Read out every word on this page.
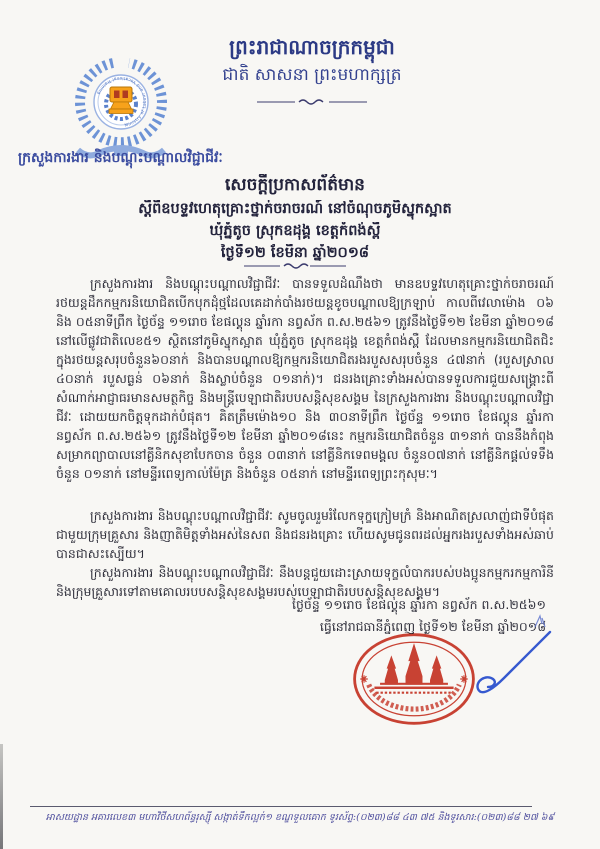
Ministry of Labour and Vocational Training
ព្រះរាជាណាចក្រកម្ពុជា
ជាតិ សាសនា ព្រះមហាក្សត្រ
ក្រសួងការងារ និងបណ្តុះបណ្តាលវិជ្ជាជីវៈ
សេចក្តីប្រកាសព័ត៌មាន
ស្តីពីឧបទ្ទវហេតុគ្រោះថ្នាក់ចរាចរណ៍ នៅចំណុចភូមិស្នុកស្អាត
ឃុំភ្នំតូច ស្រុកឧដុង្គ ខេត្តកំពង់ស្ពឺ
ថ្ងៃទី១២ ខែមីនា ឆ្នាំ២០១៨
ក្រសួងការងារ និងបណ្តុះបណ្តាលវិជ្ជាជីវៈ បានទទួលដំណឹងថា មានឧបទ្ទវហេតុគ្រោះថ្នាក់ចរាចរណ៍ រថយន្តដឹកកម្មករនិយោជិតបើកបុកដុំថ្មដែលគេដាក់បាំងរថយន្តខូចបណ្តាលឱ្យក្រឡាប់ កាលពីវេលាម៉ោង ០៦ និង ០៥នាទីព្រឹក ថ្ងៃច័ន្ទ ១១រោច ខែផល្គុន ឆ្នាំរកា នព្វស័ក ព.ស.២៥៦១ ត្រូវនឹងថ្ងៃទី១២ ខែមីនា ឆ្នាំ២០១៨ នៅលើផ្លូវជាតិលេខ៥១ ស្ថិតនៅភូមិស្នុកស្អាត ឃុំភ្នំតូច ស្រុកឧដុង្គ ខេត្តកំពង់ស្ពឺ ដែលមានកម្មករនិយោជិតជិះក្នុងរថយន្តសរុបចំនួន៦០នាក់ និងបានបណ្តាលឱ្យកម្មករនិយោជិតរងរបួសសរុបចំនួន ៤៧នាក់ (របួសស្រាល ៤០នាក់ របួសធ្ងន់ ០៦នាក់ និងស្លាប់ចំនួន ០១នាក់)។ ជនរងគ្រោះទាំងអស់បានទទួលការជួយសង្គ្រោះពីសំណាក់អាជ្ញាធរមានសមត្ថកិច្ច និងមន្ត្រីបេឡាជាតិរបបសន្តិសុខសង្គម នៃក្រសួងការងារ និងបណ្តុះបណ្តាលវិជ្ជាជីវៈ ដោយយកចិត្តទុកដាក់បំផុត។ គិតត្រឹមម៉ោង១០ និង ៣០នាទីព្រឹក ថ្ងៃច័ន្ទ ១១រោច ខែផល្គុន ឆ្នាំរកា នព្វស័ក ព.ស.២៥៦១ ត្រូវនឹងថ្ងៃទី១២ ខែមីនា ឆ្នាំ២០១៨នេះ កម្មករនិយោជិតចំនួន ៣១នាក់ បាននឹងកំពុងសម្រាកព្យាបាលនៅគ្លីនិកសុខាបែកចាន ចំនួន ០៣នាក់ នៅគ្លីនិកទេពមង្គល ចំនួន០៧នាក់ នៅគ្លីនិកផ្គល់ទទឹង ចំនួន ០១នាក់ នៅមន្ទីរពេទ្យកាល់ម៉ែត្រ និងចំនួន ០៥នាក់ នៅមន្ទីរពេទ្យព្រះកុសុមៈ។
ក្រសួងការងារ និងបណ្តុះបណ្តាលវិជ្ជាជីវៈ សូមចូលរួមរំលែកទុក្ខក្រៀមក្រំ និងអាណិតស្រលាញ់ជាទីបំផុតជាមួយក្រុមគ្រួសារ និងញាតិមិត្តទាំងអស់នៃសព និងជនរងគ្រោះ ហើយសូមជូនពរដល់អ្នករងរបួសទាំងអស់ឆាប់បានជាសះស្បើយ។
ក្រសួងការងារ និងបណ្តុះបណ្តាលវិជ្ជាជីវៈ នឹងបន្តជួយដោះស្រាយទុក្ខលំបាករបស់បងប្អូនកម្មករកម្មការិនី និងក្រុមគ្រួសារទៅតាមគោលរបបសន្តិសុខសង្គមរបស់បេឡាជាតិរបបសន្តិសុខសង្គម។
ថ្ងៃច័ន្ទ ១១រោច ខែផល្គុន ឆ្នាំរកា នព្វស័ក ព.ស.២៥៦១
ធ្វើនៅរាជធានីភ្នំពេញ ថ្ងៃទី១២ ខែមីនា ឆ្នាំ២០១៨
អាសយដ្ឋាន អគារលេខ៣ មហាវិថីសហព័ន្ធរុស្ស៊ី សង្កាត់ទឹកល្អក់១ ខណ្ឌទួលគោក ទូរស័ព្ទ:(០២៣)៨៨ ៤៣ ៧៥ និងទូរសារ:(០២៣)៨៨ ២៧ ៦៩
